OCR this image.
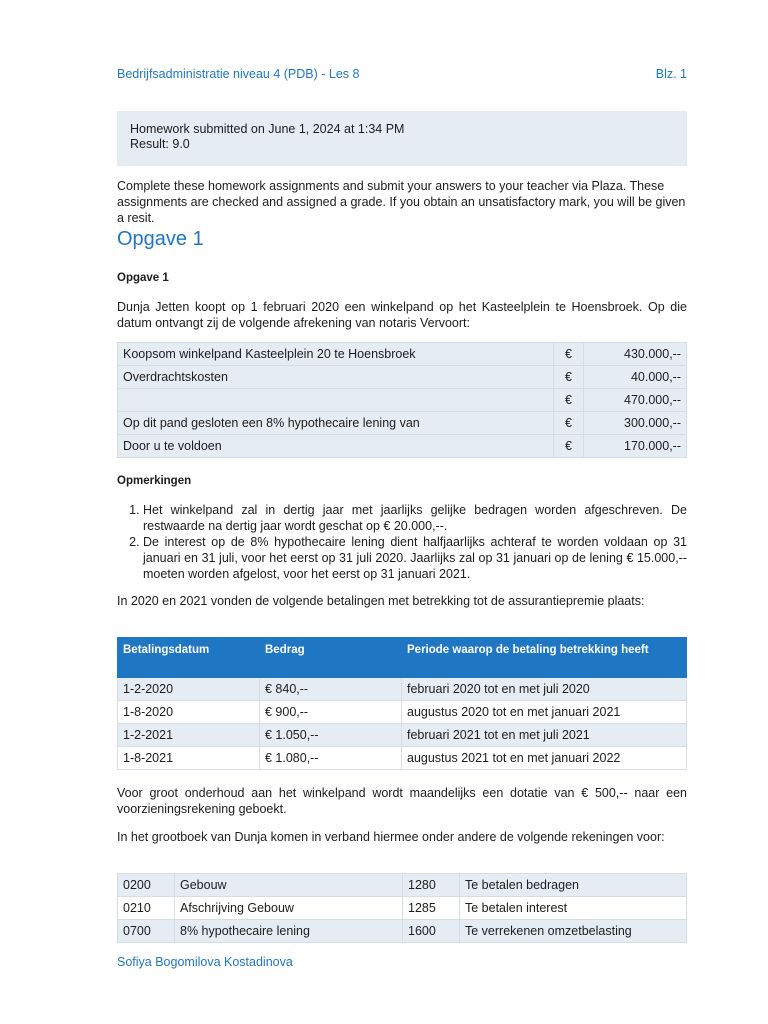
Bedrijfsadministratie niveau 4 (PDB) - Les 8	Blz. 1
Homework submitted on June 1, 2024 at 1:34 PM
Result: 9.0
Complete these homework assignments and submit your answers to your teacher via Plaza. These assignments are checked and assigned a grade. If you obtain an unsatisfactory mark, you will be given a resit.
Opgave 1
Opgave 1
Dunja Jetten koopt op 1 februari 2020 een winkelpand op het Kasteelplein te Hoensbroek. Op die datum ontvangt zij de volgende afrekening van notaris Vervoort:
Koopsom winkelpand Kasteelplein 20 te Hoensbroek	€	430.000,--
Overdrachtskosten	€	40.000,--
	€	470.000,--
Op dit pand gesloten een 8% hypothecaire lening van	€	300.000,--
Door u te voldoen	€	170.000,--
Opmerkingen
1. Het winkelpand zal in dertig jaar met jaarlijks gelijke bedragen worden afgeschreven. De restwaarde na dertig jaar wordt geschat op € 20.000,--.
2. De interest op de 8% hypothecaire lening dient halfjaarlijks achteraf te worden voldaan op 31 januari en 31 juli, voor het eerst op 31 juli 2020. Jaarlijks zal op 31 januari op de lening € 15.000,-- moeten worden afgelost, voor het eerst op 31 januari 2021.
In 2020 en 2021 vonden de volgende betalingen met betrekking tot de assurantiepremie plaats:
Betalingsdatum	Bedrag	Periode waarop de betaling betrekking heeft
1-2-2020	€ 840,--	februari 2020 tot en met juli 2020
1-8-2020	€ 900,--	augustus 2020 tot en met januari 2021
1-2-2021	€ 1.050,--	februari 2021 tot en met juli 2021
1-8-2021	€ 1.080,--	augustus 2021 tot en met januari 2022
Voor groot onderhoud aan het winkelpand wordt maandelijks een dotatie van € 500,-- naar een voorzieningsrekening geboekt.
In het grootboek van Dunja komen in verband hiermee onder andere de volgende rekeningen voor:
0200	Gebouw	1280	Te betalen bedragen
0210	Afschrijving Gebouw	1285	Te betalen interest
0700	8% hypothecaire lening	1600	Te verrekenen omzetbelasting
Sofiya Bogomilova Kostadinova
